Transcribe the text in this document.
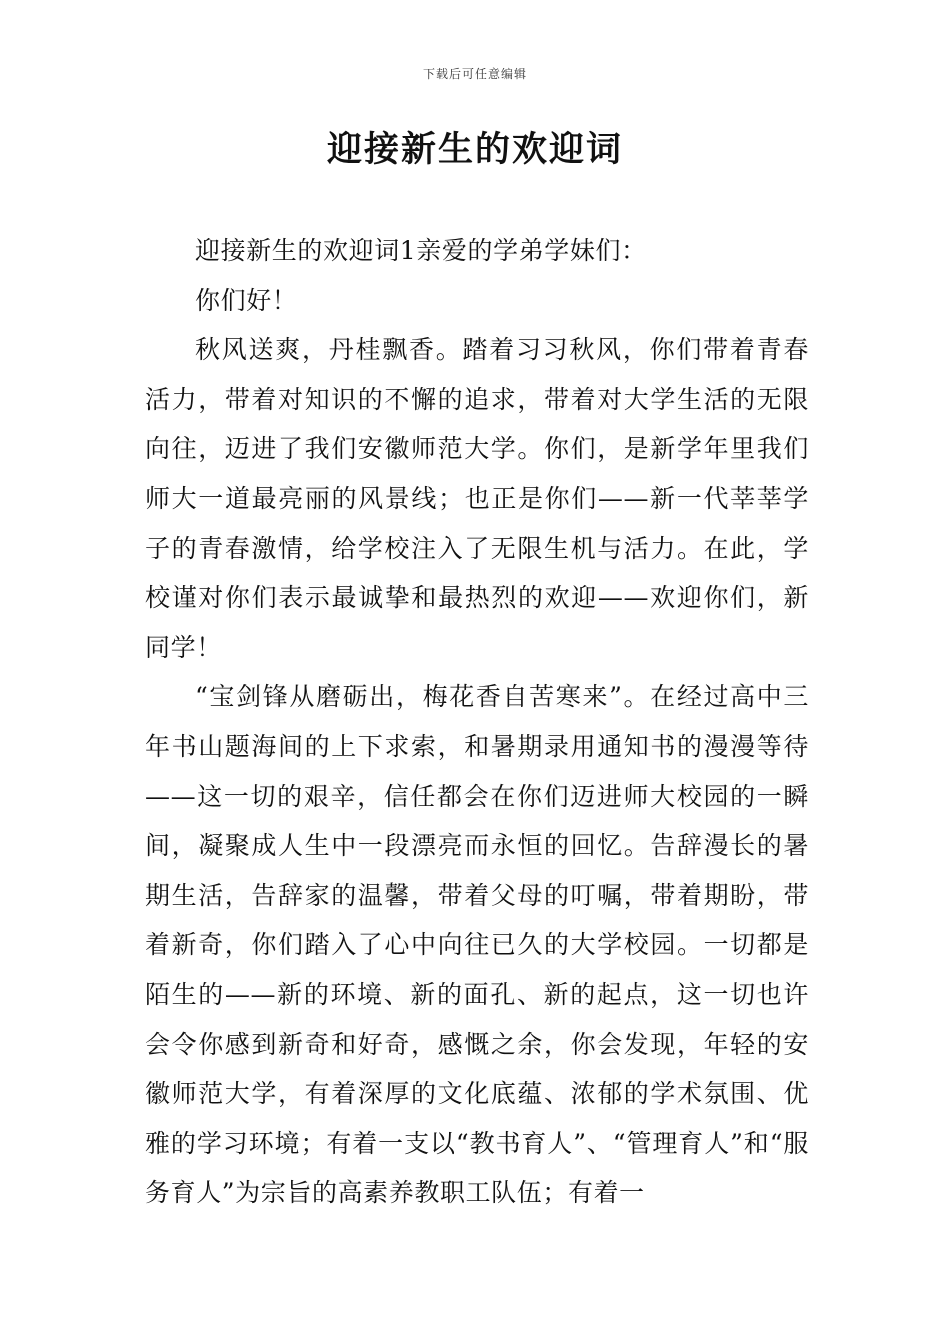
下载后可任意编辑
迎接新生的欢迎词

迎接新生的欢迎词1亲爱的学弟学妹们：

你们好！

秋风送爽，丹桂飘香。踏着习习秋风，你们带着青春活力，带着对知识的不懈的追求，带着对大学生活的无限向往，迈进了我们安徽师范大学。你们，是新学年里我们师大一道最亮丽的风景线；也正是你们——新一代莘莘学子的青春激情，给学校注入了无限生机与活力。在此，学校谨对你们表示最诚挚和最热烈的欢迎——欢迎你们，新同学！

“宝剑锋从磨砺出，梅花香自苦寒来”。在经过高中三年书山题海间的上下求索，和暑期录用通知书的漫漫等待——这一切的艰辛，信任都会在你们迈进师大校园的一瞬间，凝聚成人生中一段漂亮而永恒的回忆。告辞漫长的暑期生活，告辞家的温馨，带着父母的叮嘱，带着期盼，带着新奇，你们踏入了心中向往已久的大学校园。一切都是陌生的——新的环境、新的面孔、新的起点，这一切也许会令你感到新奇和好奇，感慨之余，你会发现，年轻的安徽师范大学，有着深厚的文化底蕴、浓郁的学术氛围、优雅的学习环境；有着一支以“教书育人”、“管理育人”和“服务育人”为宗旨的高素养教职工队伍；有着一
